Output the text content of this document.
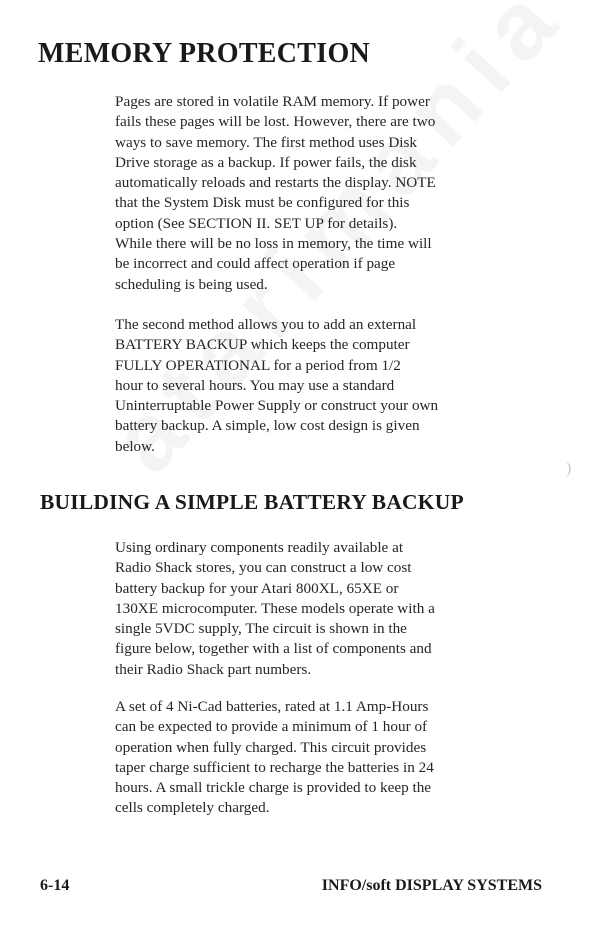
MEMORY PROTECTION
Pages are stored in volatile RAM memory. If power
fails these pages will be lost. However, there are two
ways to save memory. The first method uses Disk
Drive storage as a backup. If power fails, the disk
automatically reloads and restarts the display. NOTE
that the System Disk must be configured for this
option (See SECTION II. SET UP for details).
While there will be no loss in memory, the time will
be incorrect and could affect operation if page
scheduling is being used.
The second method allows you to add an external
BATTERY BACKUP which keeps the computer
FULLY OPERATIONAL for a period from 1/2
hour to several hours. You may use a standard
Uninterruptable Power Supply or construct your own
battery backup. A simple, low cost design is given
below.
)
BUILDING A SIMPLE BATTERY BACKUP
Using ordinary components readily available at
Radio Shack stores, you can construct a low cost
battery backup for your Atari 800XL, 65XE or
130XE microcomputer. These models operate with a
single 5VDC supply, The circuit is shown in the
figure below, together with a list of components and
their Radio Shack part numbers.
A set of 4 Ni-Cad batteries, rated at 1.1 Amp-Hours
can be expected to provide a minimum of 1 hour of
operation when fully charged. This circuit provides
taper charge sufficient to recharge the batteries in 24
hours. A small trickle charge is provided to keep the
cells completely charged.
6-14	INFO/soft DISPLAY SYSTEMS
